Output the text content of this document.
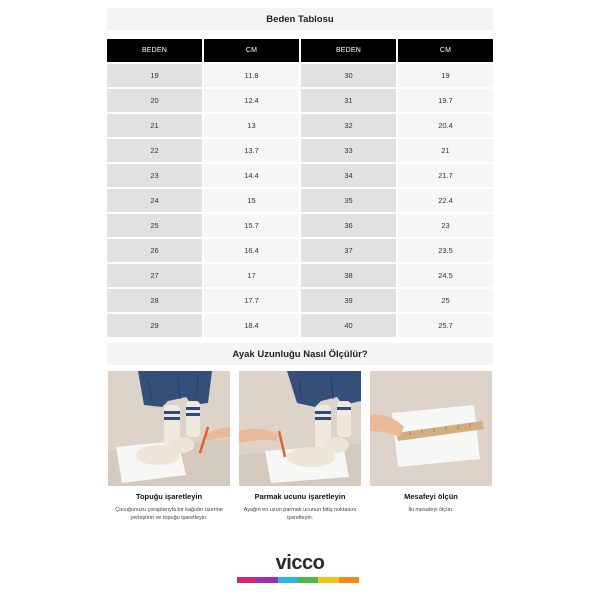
Beden Tablosu
BEDEN	CM	BEDEN	CM
19	11.8	30	19
20	12.4	31	19.7
21	13	32	20.4
22	13.7	33	21
23	14.4	34	21.7
24	15	35	22.4
25	15.7	36	23
26	16.4	37	23.5
27	17	38	24.5
28	17.7	39	25
29	18.4	40	25.7
Ayak Uzunluğu Nasıl Ölçülür?
Topuğu işaretleyin
Çocuğunuzu çoraplarıyla bir kağıdın üzerine yerleştirin ve topuğu işaretleyin.
Parmak ucunu işaretleyin
Ayağın en uzun parmak ucunun bitiş noktasını işaretleyin.
Mesafeyi ölçün
İki mesafeyi ölçün.
vicco
